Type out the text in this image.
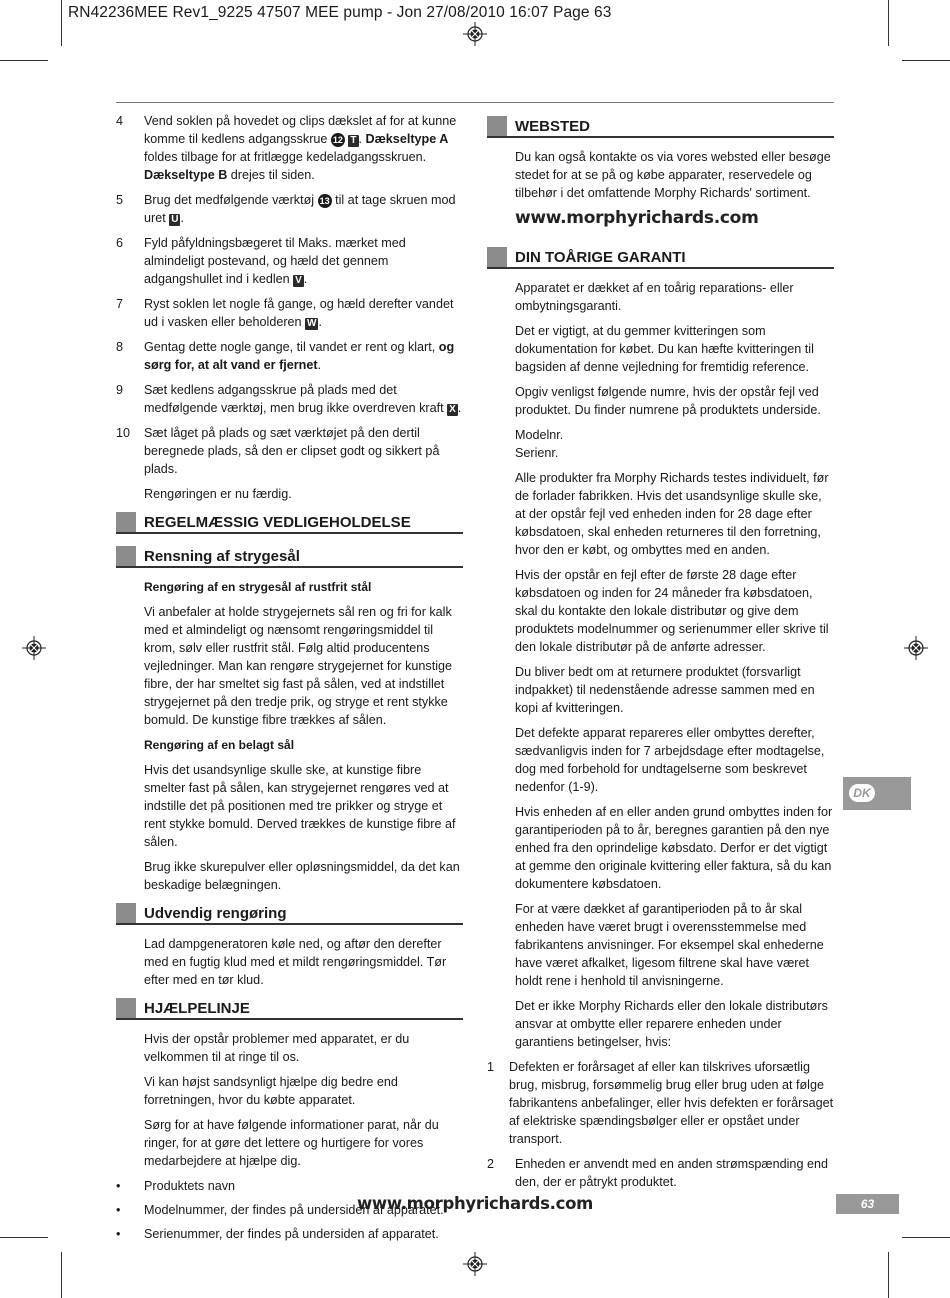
RN42236MEE Rev1_9225 47507 MEE pump - Jon 27/08/2010 16:07 Page 63
4 Vend soklen på hovedet og clips dækslet af for at kunne komme til kedlens adgangsskrue 12 T . Dækseltype A foldes tilbage for at fritlægge kedeladgangsskruen. Dækseltype B drejes til siden.
5 Brug det medfølgende værktøj 13 til at tage skruen mod uret U .
6 Fyld påfyldningsbægeret til Maks. mærket med almindeligt postevand, og hæld det gennem adgangshullet ind i kedlen V .
7 Ryst soklen let nogle få gange, og hæld derefter vandet ud i vasken eller beholderen W .
8 Gentag dette nogle gange, til vandet er rent og klart, og sørg for, at alt vand er fjernet.
9 Sæt kedlens adgangsskrue på plads med det medfølgende værktøj, men brug ikke overdreven kraft X .
10 Sæt låget på plads og sæt værktøjet på den dertil beregnede plads, så den er clipset godt og sikkert på plads.

Rengøringen er nu færdig.

REGELMÆSSIG VEDLIGEHOLDELSE
Rensning af strygesål

Rengøring af en strygesål af rustfrit stål

Vi anbefaler at holde strygejernets sål ren og fri for kalk med et almindeligt og nænsomt rengøringsmiddel til krom, sølv eller rustfrit stål. Følg altid producentens vejledninger. Man kan rengøre strygejernet for kunstige fibre, der har smeltet sig fast på sålen, ved at indstillet strygejernet på den tredje prik, og stryge et rent stykke bomuld. De kunstige fibre trækkes af sålen.

Rengøring af en belagt sål

Hvis det usandsynlige skulle ske, at kunstige fibre smelter fast på sålen, kan strygejernet rengøres ved at indstille det på positionen med tre prikker og stryge et rent stykke bomuld. Derved trækkes de kunstige fibre af sålen.

Brug ikke skurepulver eller opløsningsmiddel, da det kan beskadige belægningen.

Udvendig rengøring

Lad dampgeneratoren køle ned, og aftør den derefter med en fugtig klud med et mildt rengøringsmiddel. Tør efter med en tør klud.

HJÆLPELINJE

Hvis der opstår problemer med apparatet, er du velkommen til at ringe til os.

Vi kan højst sandsynligt hjælpe dig bedre end forretningen, hvor du købte apparatet.

Sørg for at have følgende informationer parat, når du ringer, for at gøre det lettere og hurtigere for vores medarbejdere at hjælpe dig.

• Produktets navn
• Modelnummer, der findes på undersiden af apparatet.
• Serienummer, der findes på undersiden af apparatet.
WEBSTED

Du kan også kontakte os via vores websted eller besøge stedet for at se på og købe apparater, reservedele og tilbehør i det omfattende Morphy Richards' sortiment.

www.morphyrichards.com
DIN TOÅRIGE GARANTI

Apparatet er dækket af en toårig reparations- eller ombytningsgaranti.

Det er vigtigt, at du gemmer kvitteringen som dokumentation for købet. Du kan hæfte kvitteringen til bagsiden af denne vejledning for fremtidig reference.

Opgiv venligst følgende numre, hvis der opstår fejl ved produktet. Du finder numrene på produktets underside.

Modelnr.

Serienr.

Alle produkter fra Morphy Richards testes individuelt, før de forlader fabrikken. Hvis det usandsynlige skulle ske, at der opstår fejl ved enheden inden for 28 dage efter købsdatoen, skal enheden returneres til den forretning, hvor den er købt, og ombyttes med en anden.

Hvis der opstår en fejl efter de første 28 dage efter købsdatoen og inden for 24 måneder fra købsdatoen, skal du kontakte den lokale distributør og give dem produktets modelnummer og serienummer eller skrive til den lokale distributør på de anførte adresser.

Du bliver bedt om at returnere produktet (forsvarligt indpakket) til nedenstående adresse sammen med en kopi af kvitteringen.

Det defekte apparat repareres eller ombyttes derefter, sædvanligvis inden for 7 arbejdsdage efter modtagelse, dog med forbehold for undtagelserne som beskrevet nedenfor (1-9).

Hvis enheden af en eller anden grund ombyttes inden for garantiperioden på to år, beregnes garantien på den nye enhed fra den oprindelige købsdato. Derfor er det vigtigt at gemme den originale kvittering eller faktura, så du kan dokumentere købsdatoen.

For at være dækket af garantiperioden på to år skal enheden have været brugt i overensstemmelse med fabrikantens anvisninger. For eksempel skal enhederne have været afkalket, ligesom filtrene skal have været holdt rene i henhold til anvisningerne.

Det er ikke Morphy Richards eller den lokale distributørs ansvar at ombytte eller reparere enheden under garantiens betingelser, hvis:

1 Defekten er forårsaget af eller kan tilskrives uforsætlig brug, misbrug, forsømmelig brug eller brug uden at følge fabrikantens anbefalinger, eller hvis defekten er forårsaget af elektriske spændingsbølger eller er opstået under transport.
2 Enheden er anvendt med en anden strømspænding end den, der er påtrykt produktet.
DK
www.morphyrichards.com	63
